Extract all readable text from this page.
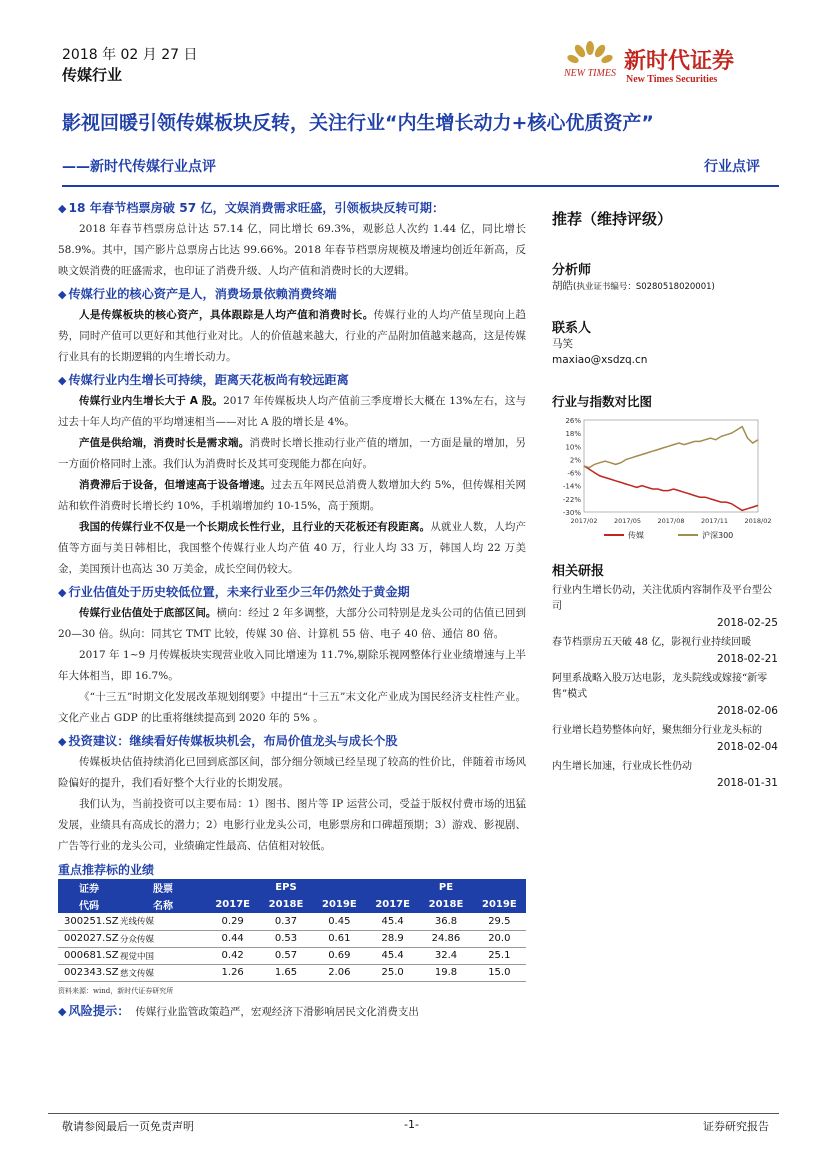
2018 年 02 月 27 日
传媒行业	NEW TIMES 新时代证券
New Times Securities
影视回暖引领传媒板块反转，关注行业“内生增长动力+核心优质资产”
——新时代传媒行业点评	行业点评
◆ 18 年春节档票房破 57 亿，文娱消费需求旺盛，引领板块反转可期：
2018 年春节档票房总计达 57.14 亿，同比增长 69.3%，观影总人次约 1.44 亿，同比增长 58.9%。其中，国产影片总票房占比达 99.66%。2018 年春节档票房规模及增速均创近年新高，反映文娱消费的旺盛需求，也印证了消费升级、人均产值和消费时长的大逻辑。
◆ 传媒行业的核心资产是人，消费场景依赖消费终端
人是传媒板块的核心资产，具体跟踪是人均产值和消费时长。传媒行业的人均产值呈现向上趋势，同时产值可以更好和其他行业对比。人的价值越来越大，行业的产品附加值越来越高，这是传媒行业具有的长期逻辑的内生增长动力。
◆ 传媒行业内生增长可持续，距离天花板尚有较远距离
传媒行业内生增长大于 A 股。2017 年传媒板块人均产值前三季度增长大概在 13%左右，这与过去十年人均产值的平均增速相当——对比 A 股的增长是 4%。
产值是供给端，消费时长是需求端。消费时长增长推动行业产值的增加，一方面是量的增加，另一方面价格同时上涨。我们认为消费时长及其可变现能力都在向好。
消费滞后于设备，但增速高于设备增速。过去五年网民总消费人数增加大约 5%，但传媒相关网站和软件消费时长增长约 10%，手机端增加约 10-15%，高于预期。
我国的传媒行业不仅是一个长期成长性行业，且行业的天花板还有段距离。从就业人数，人均产值等方面与美日韩相比，我国整个传媒行业人均产值 40 万，行业人均 33 万，韩国人均 22 万美金，美国预计也高达 30 万美金，成长空间仍较大。
◆ 行业估值处于历史较低位置，未来行业至少三年仍然处于黄金期
传媒行业估值处于底部区间。横向：经过 2 年多调整，大部分公司特别是龙头公司的估值已回到 20—30 倍。纵向：同其它 TMT 比较，传媒 30 倍、计算机 55 倍、电子 40 倍、通信 80 倍。
2017 年 1~9 月传媒板块实现营业收入同比增速为 11.7%,剔除乐视网整体行业业绩增速与上半年大体相当，即 16.7%。
《“十三五”时期文化发展改革规划纲要》中提出“十三五”末文化产业成为国民经济支柱性产业。文化产业占 GDP 的比重将继续提高到 2020 年的 5% 。
◆ 投资建议：继续看好传媒板块机会，布局价值龙头与成长个股
传媒板块估值持续消化已回到底部区间，部分细分领域已经呈现了较高的性价比，伴随着市场风险偏好的提升，我们看好整个大行业的长期发展。
我们认为，当前投资可以主要布局：1）图书、图片等 IP 运营公司，受益于版权付费市场的迅猛发展，业绩具有高成长的潜力；2）电影行业龙头公司，电影票房和口碑超预期；3）游戏、影视剧、广告等行业的龙头公司，业绩确定性最高、估值相对较低。
重点推荐标的业绩
证券	股票	EPS			PE		
代码	名称	2017E	2018E	2019E	2017E	2018E	2019E
300251.SZ	光线传媒	0.29	0.37	0.45	45.4	36.8	29.5
002027.SZ	分众传媒	0.44	0.53	0.61	28.9	24.86	20.0
000681.SZ	视觉中国	0.42	0.57	0.69	45.4	32.4	25.1
002343.SZ	慈文传媒	1.26	1.65	2.06	25.0	19.8	15.0
资料来源：wind，新时代证券研究所
◆ 风险提示： 传媒行业监管政策趋严，宏观经济下滑影响居民文化消费支出
推荐（维持评级）
分析师
胡皓(执业证书编号：S0280518020001)
联系人
马笑
maxiao@xsdzq.cn
行业与指数对比图
26%
18%
10%
2%
-6%
-14%
-22%
-30%
2017/02	2017/05	2017/08	2017/11	2018/02
传媒	沪深300
相关研报
行业内生增长仍动，关注优质内容制作及平台型公司
2018-02-25
春节档票房五天破 48 亿，影视行业持续回暖
2018-02-21
阿里系战略入股万达电影，龙头院线或嫁接“新零售”模式
2018-02-06
行业增长趋势整体向好，聚焦细分行业龙头标的
2018-02-04
内生增长加速，行业成长性仍动
2018-01-31
敬请参阅最后一页免责声明	-1-	证券研究报告
